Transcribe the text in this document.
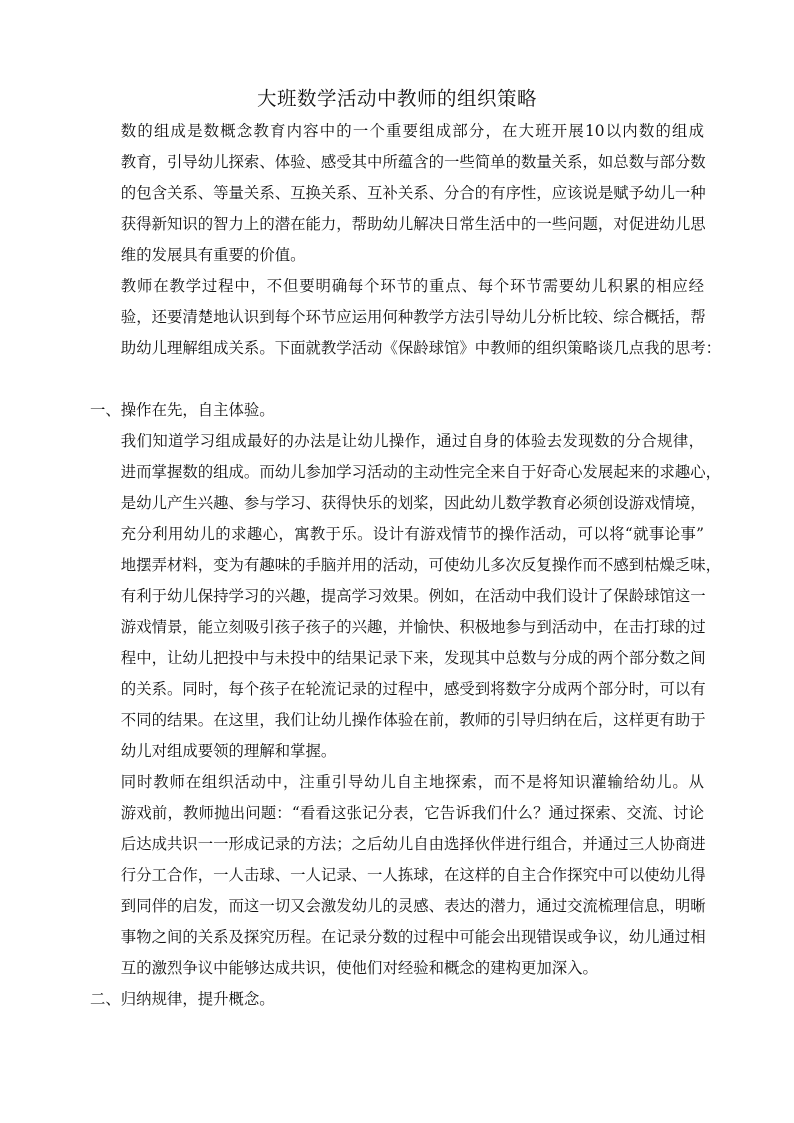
大班数学活动中教师的组织策略

数的组成是数概念教育内容中的一个重要组成部分，在大班开展10以内数的组成
教育，引导幼儿探索、体验、感受其中所蕴含的一些简单的数量关系，如总数与部分数
的包含关系、等量关系、互换关系、互补关系、分合的有序性，应该说是赋予幼儿一种
获得新知识的智力上的潜在能力，帮助幼儿解决日常生活中的一些问题，对促进幼儿思
维的发展具有重要的价值。

教师在教学过程中，不但要明确每个环节的重点、每个环节需要幼儿积累的相应经
验，还要清楚地认识到每个环节应运用何种教学方法引导幼儿分析比较、综合概括，帮
助幼儿理解组成关系。下面就教学活动《保龄球馆》中教师的组织策略谈几点我的思考：

一、操作在先，自主体验。

我们知道学习组成最好的办法是让幼儿操作，通过自身的体验去发现数的分合规律，
进而掌握数的组成。而幼儿参加学习活动的主动性完全来自于好奇心发展起来的求趣心，
是幼儿产生兴趣、参与学习、获得快乐的划桨，因此幼儿数学教育必须创设游戏情境，
充分利用幼儿的求趣心，寓教于乐。设计有游戏情节的操作活动，可以将“就事论事”
地摆弄材料，变为有趣味的手脑并用的活动，可使幼儿多次反复操作而不感到枯燥乏味，
有利于幼儿保持学习的兴趣，提高学习效果。例如，在活动中我们设计了保龄球馆这一
游戏情景，能立刻吸引孩子孩子的兴趣，并愉快、积极地参与到活动中，在击打球的过
程中，让幼儿把投中与未投中的结果记录下来，发现其中总数与分成的两个部分数之间
的关系。同时，每个孩子在轮流记录的过程中，感受到将数字分成两个部分时，可以有
不同的结果。在这里，我们让幼儿操作体验在前，教师的引导归纳在后，这样更有助于
幼儿对组成要领的理解和掌握。

同时教师在组织活动中，注重引导幼儿自主地探索，而不是将知识灌输给幼儿。从
游戏前，教师抛出问题：“看看这张记分表，它告诉我们什么？通过探索、交流、讨论
后达成共识一一形成记录的方法；之后幼儿自由选择伙伴进行组合，并通过三人协商进
行分工合作，一人击球、一人记录、一人拣球，在这样的自主合作探究中可以使幼儿得
到同伴的启发，而这一切又会激发幼儿的灵感、表达的潜力，通过交流梳理信息，明晰
事物之间的关系及探究历程。在记录分数的过程中可能会出现错误或争议，幼儿通过相
互的激烈争议中能够达成共识，使他们对经验和概念的建构更加深入。

二、归纳规律，提升概念。
